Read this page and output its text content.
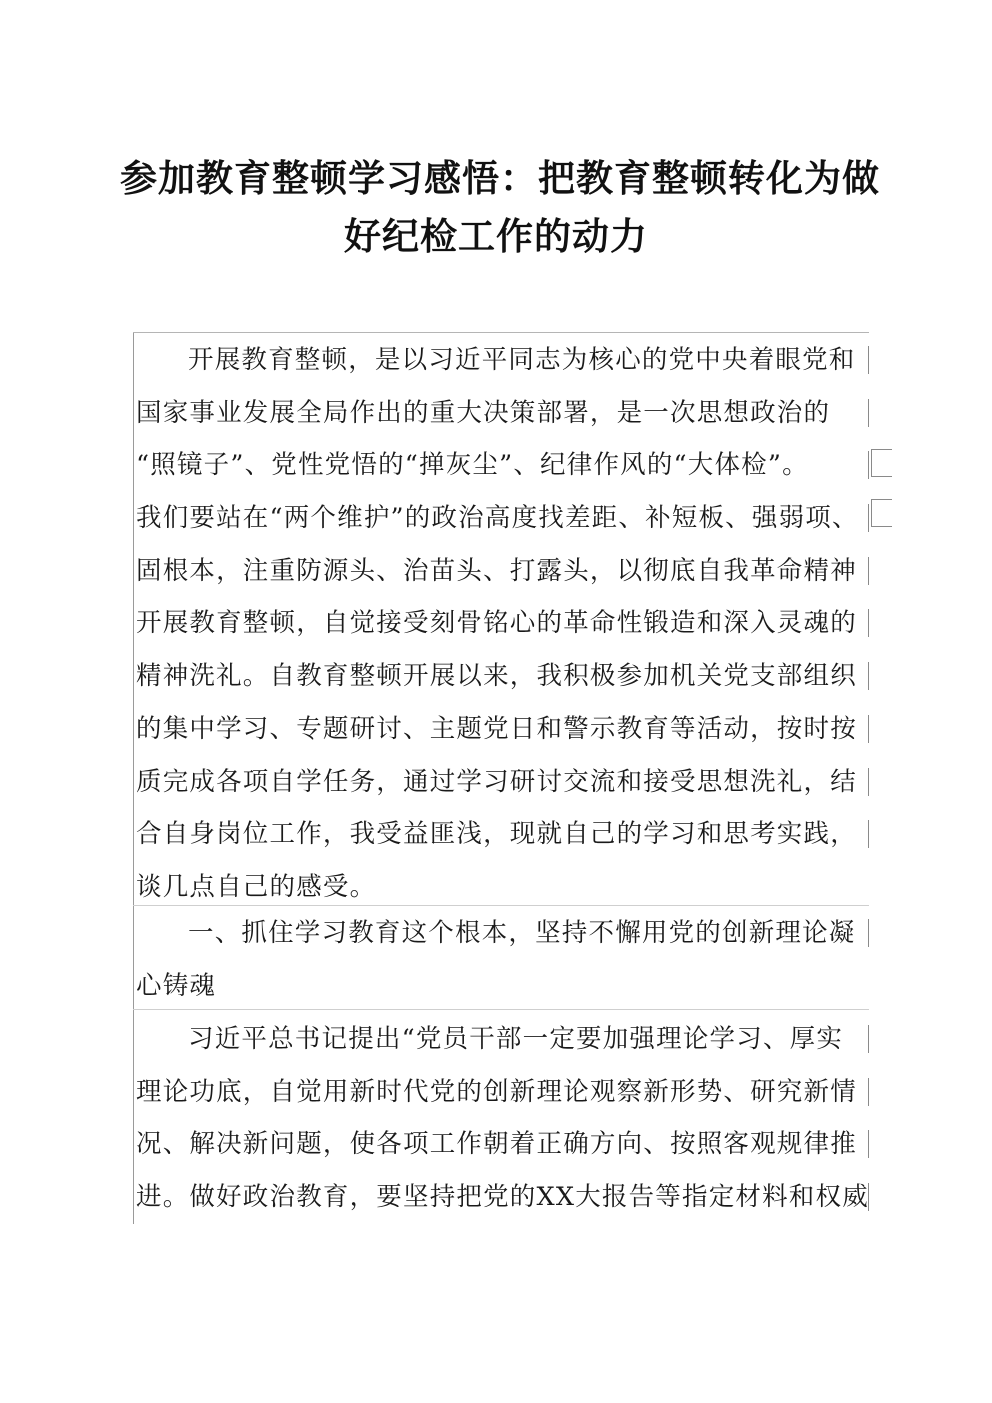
参加教育整顿学习感悟：把教育整顿转化为做
好纪检工作的动力
开展教育整顿，是以习近平同志为核心的党中央着眼党和
国家事业发展全局作出的重大决策部署，是一次思想政治的
“照镜子”、党性党悟的“掸灰尘”、纪律作风的“大体检”。
我们要站在“两个维护”的政治高度找差距、补短板、强弱项、
固根本，注重防源头、治苗头、打露头，以彻底自我革命精神
开展教育整顿，自觉接受刻骨铭心的革命性锻造和深入灵魂的
精神洗礼。自教育整顿开展以来，我积极参加机关党支部组织
的集中学习、专题研讨、主题党日和警示教育等活动，按时按
质完成各项自学任务，通过学习研讨交流和接受思想洗礼，结
合自身岗位工作，我受益匪浅，现就自己的学习和思考实践，
谈几点自己的感受。
一、抓住学习教育这个根本，坚持不懈用党的创新理论凝
心铸魂
习近平总书记提出“党员干部一定要加强理论学习、厚实
理论功底，自觉用新时代党的创新理论观察新形势、研究新情
况、解决新问题，使各项工作朝着正确方向、按照客观规律推
进。做好政治教育，要坚持把党的XX大报告等指定材料和权威
